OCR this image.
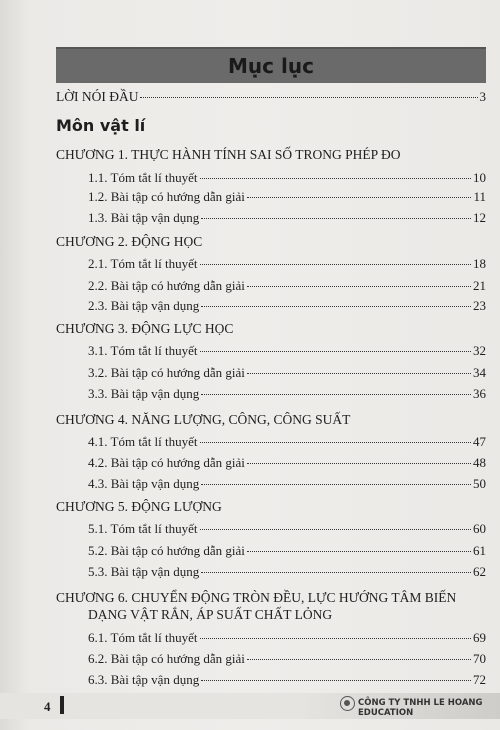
Mục lục
LỜI NÓI ĐẦU	3
Môn vật lí
CHƯƠNG 1. THỰC HÀNH TÍNH SAI SỐ TRONG PHÉP ĐO
1.1. Tóm tắt lí thuyết	10
1.2. Bài tập có hướng dẫn giải	11
1.3. Bài tập vận dụng	12
CHƯƠNG 2. ĐỘNG HỌC
2.1. Tóm tắt lí thuyết	18
2.2. Bài tập có hướng dẫn giải	21
2.3. Bài tập vận dụng	23
CHƯƠNG 3. ĐỘNG LỰC HỌC
3.1. Tóm tắt lí thuyết	32
3.2. Bài tập có hướng dẫn giải	34
3.3. Bài tập vận dụng	36
CHƯƠNG 4. NĂNG LƯỢNG, CÔNG, CÔNG SUẤT
4.1. Tóm tắt lí thuyết	47
4.2. Bài tập có hướng dẫn giải	48
4.3. Bài tập vận dụng	50
CHƯƠNG 5. ĐỘNG LƯỢNG
5.1. Tóm tắt lí thuyết	60
5.2. Bài tập có hướng dẫn giải	61
5.3. Bài tập vận dụng	62
CHƯƠNG 6. CHUYỂN ĐỘNG TRÒN ĐỀU, LỰC HƯỚNG TÂM BIẾN
DẠNG VẬT RẮN, ÁP SUẤT CHẤT LỎNG
6.1. Tóm tắt lí thuyết	69
6.2. Bài tập có hướng dẫn giải	70
6.3. Bài tập vận dụng	72
4	CÔNG TY TNHH LE HOANG EDUCATION
